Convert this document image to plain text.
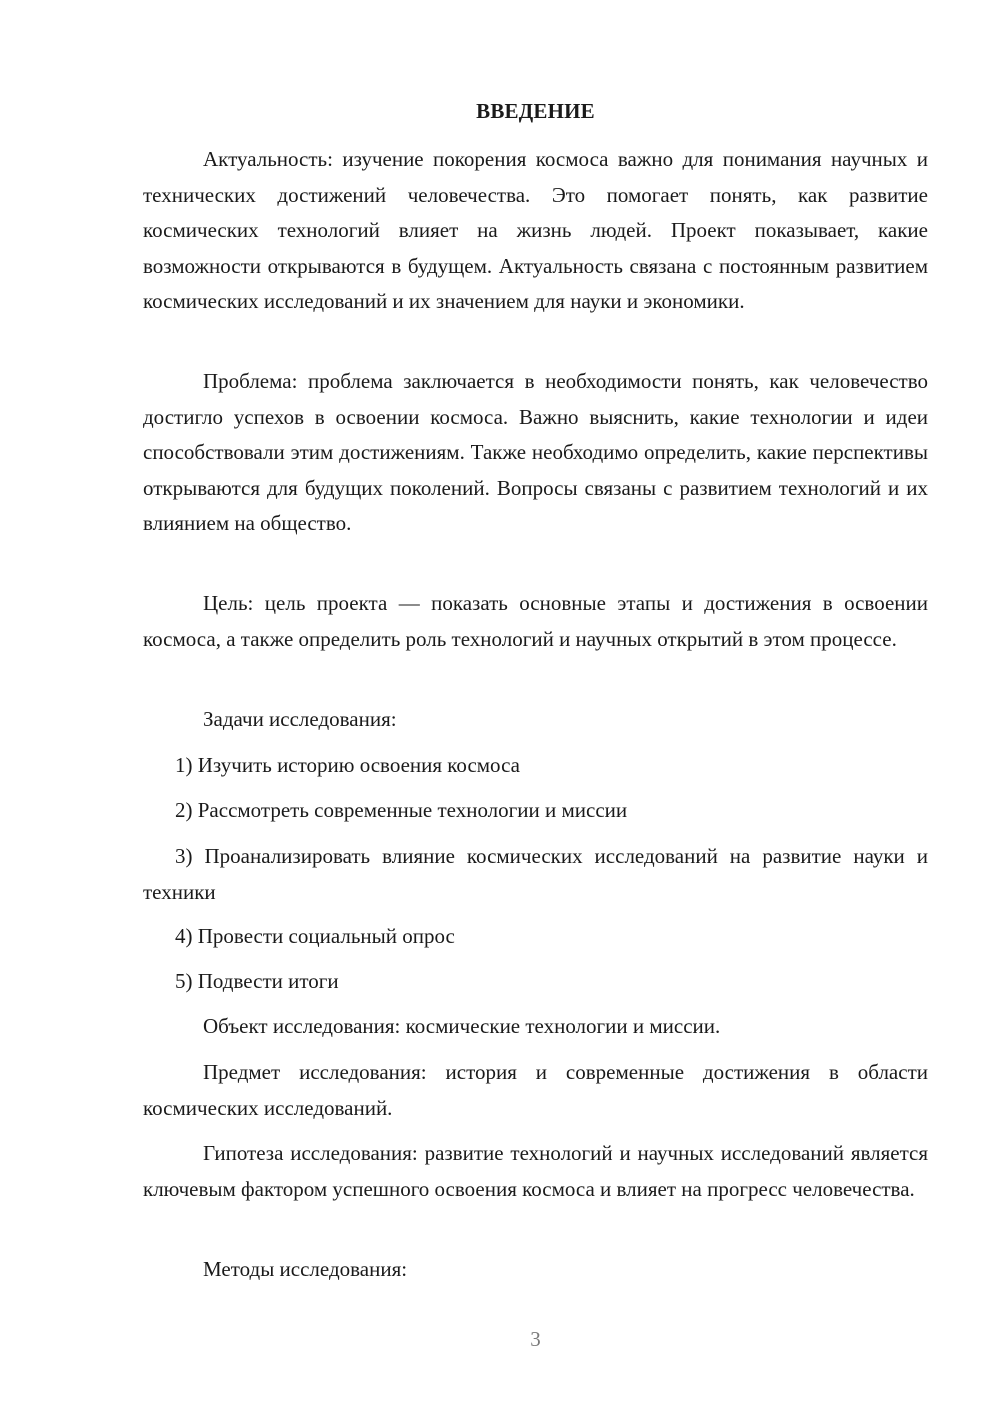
ВВЕДЕНИЕ

Актуальность: изучение покорения космоса важно для понимания научных и технических достижений человечества. Это помогает понять, как развитие космических технологий влияет на жизнь людей. Проект показывает, какие возможности открываются в будущем. Актуальность связана с постоянным развитием космических исследований и их значением для науки и экономики.

Проблема: проблема заключается в необходимости понять, как человечество достигло успехов в освоении космоса. Важно выяснить, какие технологии и идеи способствовали этим достижениям. Также необходимо определить, какие перспективы открываются для будущих поколений. Вопросы связаны с развитием технологий и их влиянием на общество.

Цель: цель проекта — показать основные этапы и достижения в освоении космоса, а также определить роль технологий и научных открытий в этом процессе.

Задачи исследования:

1) Изучить историю освоения космоса

2) Рассмотреть современные технологии и миссии

3) Проанализировать влияние космических исследований на развитие науки и техники

4) Провести социальный опрос

5) Подвести итоги

Объект исследования: космические технологии и миссии.

Предмет исследования: история и современные достижения в области космических исследований.

Гипотеза исследования: развитие технологий и научных исследований является ключевым фактором успешного освоения космоса и влияет на прогресс человечества.

Методы исследования:

3
